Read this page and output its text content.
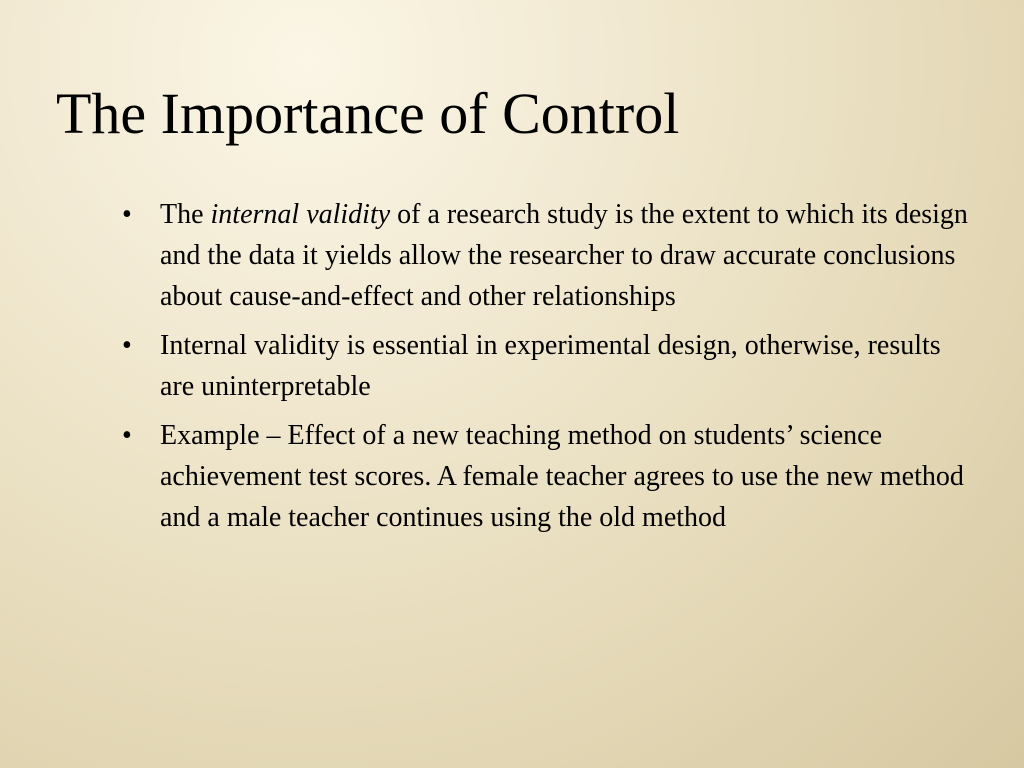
The Importance of Control
• The internal validity of a research study is the extent to which its design and the data it yields allow the researcher to draw accurate conclusions about cause-and-effect and other relationships
• Internal validity is essential in experimental design, otherwise, results are uninterpretable
• Example – Effect of a new teaching method on students’ science achievement test scores. A female teacher agrees to use the new method and a male teacher continues using the old method
